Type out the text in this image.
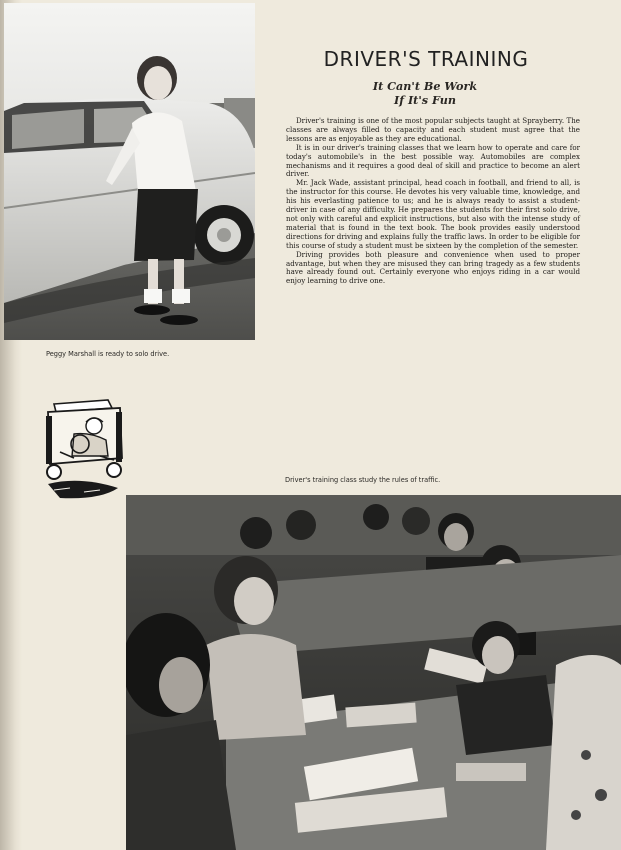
Peggy Marshall is ready to solo drive.
DRIVER'S TRAINING
It Can't Be Work
If It's Fun

Driver's training is one of the most popular subjects taught at Sprayberry. The classes are always filled to capacity and each student must agree that the lessons are as enjoyable as they are educational.

It is in our driver's training classes that we learn how to operate and care for today's automobile's in the best possible way. Automobiles are complex mechanisms and it requires a good deal of skill and practice to become an alert driver.

Mr. Jack Wade, assistant principal, head coach in football, and friend to all, is the instructor for this course. He devotes his very valuable time, knowledge, and his his everlasting patience to us; and he is always ready to assist a student-driver in case of any difficulty. He prepares the students for their first solo drive, not only with careful and explicit instructions, but also with the intense study of material that is found in the text book. The book provides easily understood directions for driving and explains fully the traffic laws. In order to be eligible for this course of study a student must be sixteen by the completion of the semester.

Driving provides both pleasure and convenience when used to proper advantage, but when they are misused they can bring tragedy as a few students have already found out. Certainly everyone who enjoys riding in a car would enjoy learning to drive one.

Driver's training class study the rules of traffic.
